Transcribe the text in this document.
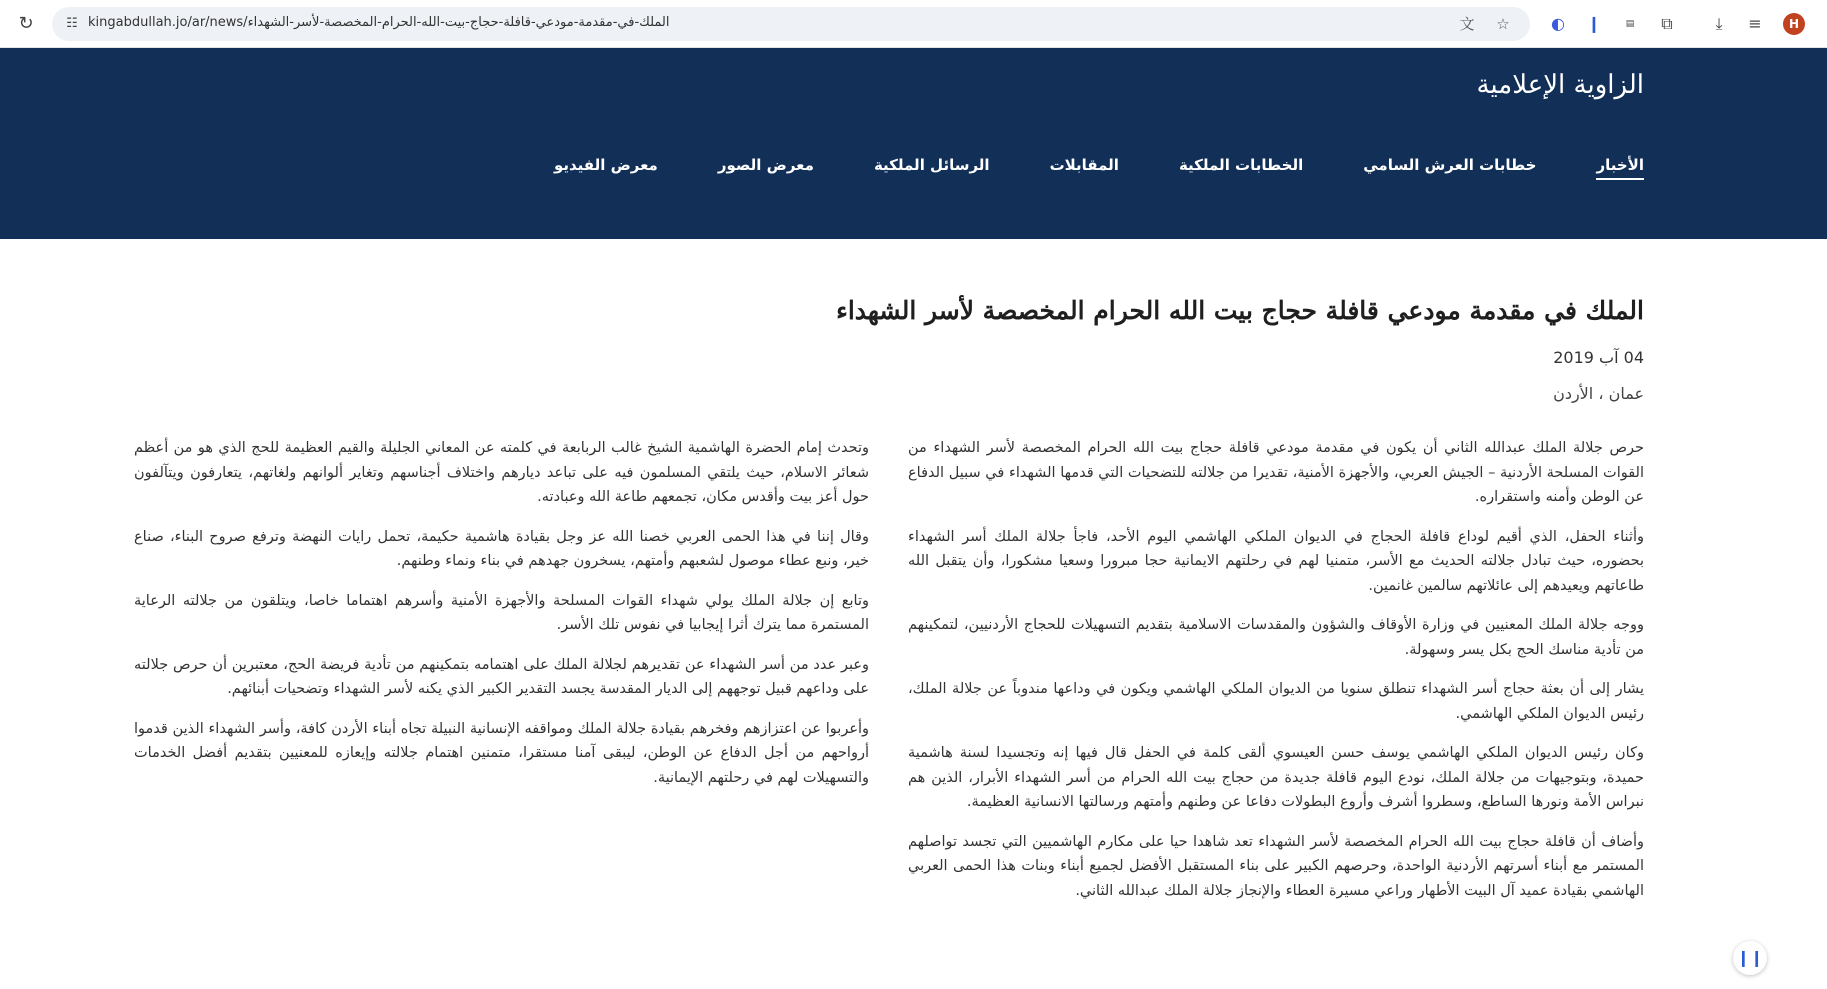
↻	☷ kingabdullah.jo/ar/news/الملك-في-مقدمة-مودعي-قافلة-حجاج-بيت-الله-الحرام-المخصصة-لأسر-الشهداء	文 ☆	◐	❙	▤	⧉	⤓	≡	H
الزاوية الإعلامية
الأخبار
خطابات العرش السامي
الخطابات الملكية
المقابلات
الرسائل الملكية
معرض الصور
معرض الفيديو
الملك في مقدمة مودعي قافلة حجاج بيت الله الحرام المخصصة لأسر الشهداء
04 آب 2019
عمان ، الأردن

حرص جلالة الملك عبدالله الثاني أن يكون في مقدمة مودعي قافلة حجاج بيت الله الحرام المخصصة لأسر الشهداء من القوات المسلحة الأردنية – الجيش العربي، والأجهزة الأمنية، تقديرا من جلالته للتضحيات التي قدمها الشهداء في سبيل الدفاع عن الوطن وأمنه واستقراره.

وأثناء الحفل، الذي أقيم لوداع قافلة الحجاج في الديوان الملكي الهاشمي اليوم الأحد، فاجأ جلالة الملك أسر الشهداء بحضوره، حيث تبادل جلالته الحديث مع الأسر، متمنيا لهم في رحلتهم الايمانية حجا مبرورا وسعيا مشكورا، وأن يتقبل الله طاعاتهم ويعيدهم إلى عائلاتهم سالمين غانمين.

ووجه جلالة الملك المعنيين في وزارة الأوقاف والشؤون والمقدسات الاسلامية بتقديم التسهيلات للحجاج الأردنيين، لتمكينهم من تأدية مناسك الحج بكل يسر وسهولة.

يشار إلى أن بعثة حجاج أسر الشهداء تنطلق سنويا من الديوان الملكي الهاشمي ويكون في وداعها مندوباً عن جلالة الملك، رئيس الديوان الملكي الهاشمي.

وكان رئيس الديوان الملكي الهاشمي يوسف حسن العيسوي ألقى كلمة في الحفل قال فيها إنه وتجسيدا لسنة هاشمية حميدة، وبتوجيهات من جلالة الملك، نودع اليوم قافلة جديدة من حجاج بيت الله الحرام من أسر الشهداء الأبرار، الذين هم نبراس الأمة ونورها الساطع، وسطروا أشرف وأروع البطولات دفاعا عن وطنهم وأمتهم ورسالتها الانسانية العظيمة.

وأضاف أن قافلة حجاج بيت الله الحرام المخصصة لأسر الشهداء تعد شاهدا حيا على مكارم الهاشميين التي تجسد تواصلهم المستمر مع أبناء أسرتهم الأردنية الواحدة، وحرصهم الكبير على بناء المستقبل الأفضل لجميع أبناء وبنات هذا الحمى العربي الهاشمي بقيادة عميد آل البيت الأطهار وراعي مسيرة العطاء والإنجاز جلالة الملك عبدالله الثاني.

وتحدث إمام الحضرة الهاشمية الشيخ غالب الربابعة في كلمته عن المعاني الجليلة والقيم العظيمة للحج الذي هو من أعظم شعائر الاسلام، حيث يلتقي المسلمون فيه على تباعد ديارهم واختلاف أجناسهم وتغاير ألوانهم ولغاتهم، يتعارفون ويتآلفون حول أعز بيت وأقدس مكان، تجمعهم طاعة الله وعبادته.

وقال إننا في هذا الحمى العربي خصنا الله عز وجل بقيادة هاشمية حكيمة، تحمل رايات النهضة وترفع صروح البناء، صناع خير، ونبع عطاء موصول لشعبهم وأمتهم، يسخرون جهدهم في بناء ونماء وطنهم.

وتابع إن جلالة الملك يولي شهداء القوات المسلحة والأجهزة الأمنية وأسرهم اهتماما خاصا، ويتلقون من جلالته الرعاية المستمرة مما يترك أثرا إيجابيا في نفوس تلك الأسر.

وعبر عدد من أسر الشهداء عن تقديرهم لجلالة الملك على اهتمامه بتمكينهم من تأدية فريضة الحج، معتبرين أن حرص جلالته على وداعهم قبيل توجههم إلى الديار المقدسة يجسد التقدير الكبير الذي يكنه لأسر الشهداء وتضحيات أبنائهم.

وأعربوا عن اعتزازهم وفخرهم بقيادة جلالة الملك ومواقفه الإنسانية النبيلة تجاه أبناء الأردن كافة، وأسر الشهداء الذين قدموا أرواحهم من أجل الدفاع عن الوطن، ليبقى آمنا مستقرا، متمنين اهتمام جلالته وإيعازه للمعنيين بتقديم أفضل الخدمات والتسهيلات لهم في رحلتهم الإيمانية.

❙❙
